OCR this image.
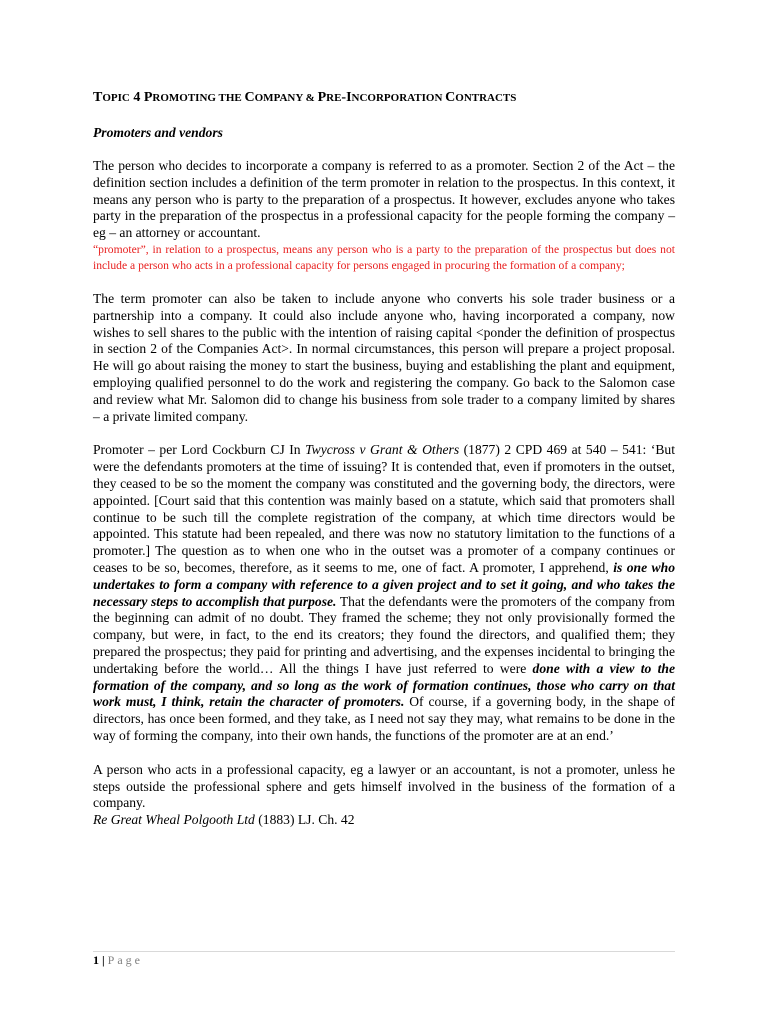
TOPIC 4 PROMOTING THE COMPANY & PRE-INCORPORATION CONTRACTS

Promoters and vendors

The person who decides to incorporate a company is referred to as a promoter. Section 2 of the Act – the definition section includes a definition of the term promoter in relation to the prospectus. In this context, it means any person who is party to the preparation of a prospectus. It however, excludes anyone who takes party in the preparation of the prospectus in a professional capacity for the people forming the company – eg – an attorney or accountant.

“promoter”, in relation to a prospectus, means any person who is a party to the preparation of the prospectus but does not include a person who acts in a professional capacity for persons engaged in procuring the formation of a company;

The term promoter can also be taken to include anyone who converts his sole trader business or a partnership into a company. It could also include anyone who, having incorporated a company, now wishes to sell shares to the public with the intention of raising capital <ponder the definition of prospectus in section 2 of the Companies Act>. In normal circumstances, this person will prepare a project proposal. He will go about raising the money to start the business, buying and establishing the plant and equipment, employing qualified personnel to do the work and registering the company. Go back to the Salomon case and review what Mr. Salomon did to change his business from sole trader to a company limited by shares – a private limited company.

Promoter – per Lord Cockburn CJ In Twycross v Grant & Others (1877) 2 CPD 469 at 540 – 541: ‘But were the defendants promoters at the time of issuing? It is contended that, even if promoters in the outset, they ceased to be so the moment the company was constituted and the governing body, the directors, were appointed. [Court said that this contention was mainly based on a statute, which said that promoters shall continue to be such till the complete registration of the company, at which time directors would be appointed. This statute had been repealed, and there was now no statutory limitation to the functions of a promoter.] The question as to when one who in the outset was a promoter of a company continues or ceases to be so, becomes, therefore, as it seems to me, one of fact. A promoter, I apprehend, is one who undertakes to form a company with reference to a given project and to set it going, and who takes the necessary steps to accomplish that purpose. That the defendants were the promoters of the company from the beginning can admit of no doubt. They framed the scheme; they not only provisionally formed the company, but were, in fact, to the end its creators; they found the directors, and qualified them; they prepared the prospectus; they paid for printing and advertising, and the expenses incidental to bringing the undertaking before the world… All the things I have just referred to were done with a view to the formation of the company, and so long as the work of formation continues, those who carry on that work must, I think, retain the character of promoters. Of course, if a governing body, in the shape of directors, has once been formed, and they take, as I need not say they may, what remains to be done in the way of forming the company, into their own hands, the functions of the promoter are at an end.’

A person who acts in a professional capacity, eg a lawyer or an accountant, is not a promoter, unless he steps outside the professional sphere and gets himself involved in the business of the formation of a company.

Re Great Wheal Polgooth Ltd (1883) LJ. Ch. 42

1 | Page
